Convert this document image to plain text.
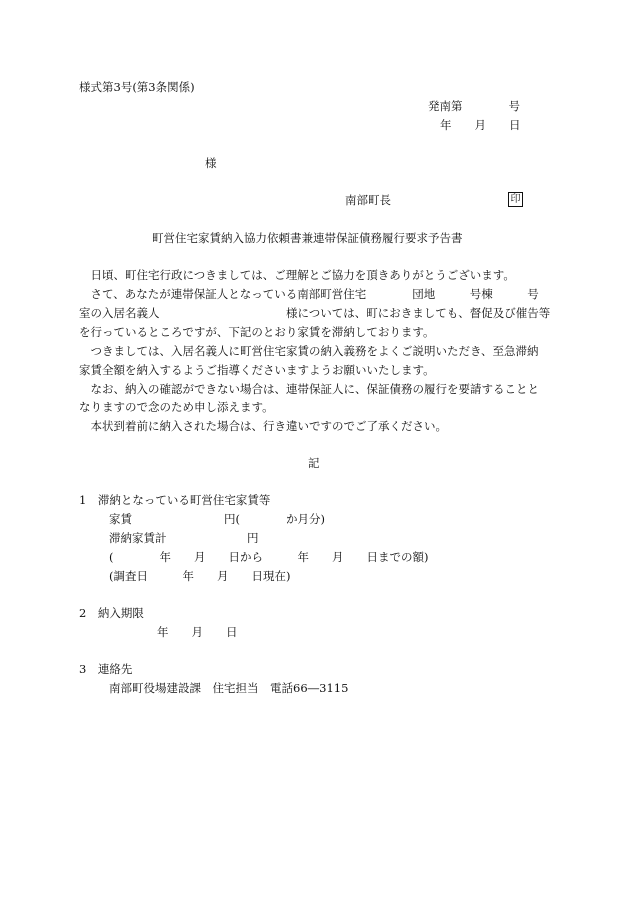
様式第3号(第3条関係)
発南第　　　　号
年　　月　　日
様
南部町長	印
町営住宅家賃納入協力依頼書兼連帯保証債務履行要求予告書
　日頃、町住宅行政につきましては、ご理解とご協力を頂きありがとうございます。
　さて、あなたが連帯保証人となっている南部町営住宅　　　　団地　　　号棟　　　号
室の入居名義人　　　　　　　　　　　様については、町におきましても、督促及び催告等
を行っているところですが、下記のとおり家賃を滞納しております。
　つきましては、入居名義人に町営住宅家賃の納入義務をよくご説明いただき、至急滞納
家賃全額を納入するようご指導くださいますようお願いいたします。
　なお、納入の確認ができない場合は、連帯保証人に、保証債務の履行を要請することと
なりますので念のため申し添えます。
　本状到着前に納入された場合は、行き違いですのでご了承ください。
記
1　滞納となっている町営住宅家賃等
家賃　　　　　　　　円(　　　　か月分)
滞納家賃計　　　　　　　円
(　　　　年　　月　　日から　　　年　　月　　日までの額)
(調査日　　　年　　月　　日現在)
2　納入期限
年　　月　　日
3　連絡先
南部町役場建設課　住宅担当　電話66―3115
